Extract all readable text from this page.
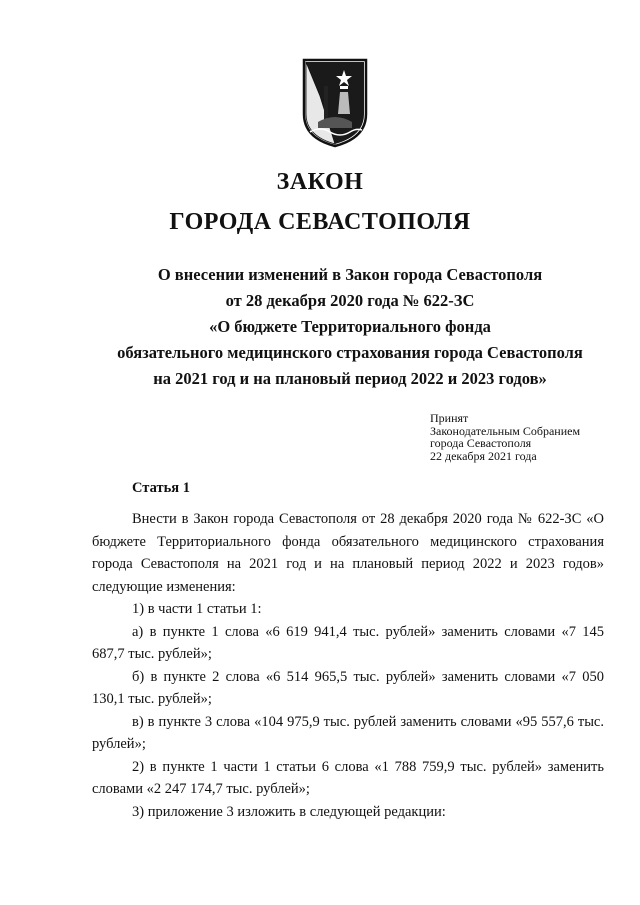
ЗАКОН
ГОРОДА СЕВАСТОПОЛЯ
О внесении изменений в Закон города Севастополя
от 28 декабря 2020 года № 622-ЗС
«О бюджете Территориального фонда
обязательного медицинского страхования города Севастополя
на 2021 год и на плановый период 2022 и 2023 годов»
Принят
Законодательным Собранием
города Севастополя
22 декабря 2021 года
Статья 1

Внести в Закон города Севастополя от 28 декабря 2020 года № 622-ЗС «О бюджете Территориального фонда обязательного медицинского страхования города Севастополя на 2021 год и на плановый период 2022 и 2023 годов» следующие изменения:

1) в части 1 статьи 1:

а) в пункте 1 слова «6 619 941,4 тыс. рублей» заменить словами «7 145 687,7 тыс. рублей»;

б) в пункте 2 слова «6 514 965,5 тыс. рублей» заменить словами «7 050 130,1 тыс. рублей»;

в) в пункте 3 слова «104 975,9 тыс. рублей заменить словами «95 557,6 тыс. рублей»;

2) в пункте 1 части 1 статьи 6 слова «1 788 759,9 тыс. рублей» заменить словами «2 247 174,7 тыс. рублей»;

3) приложение 3 изложить в следующей редакции:
